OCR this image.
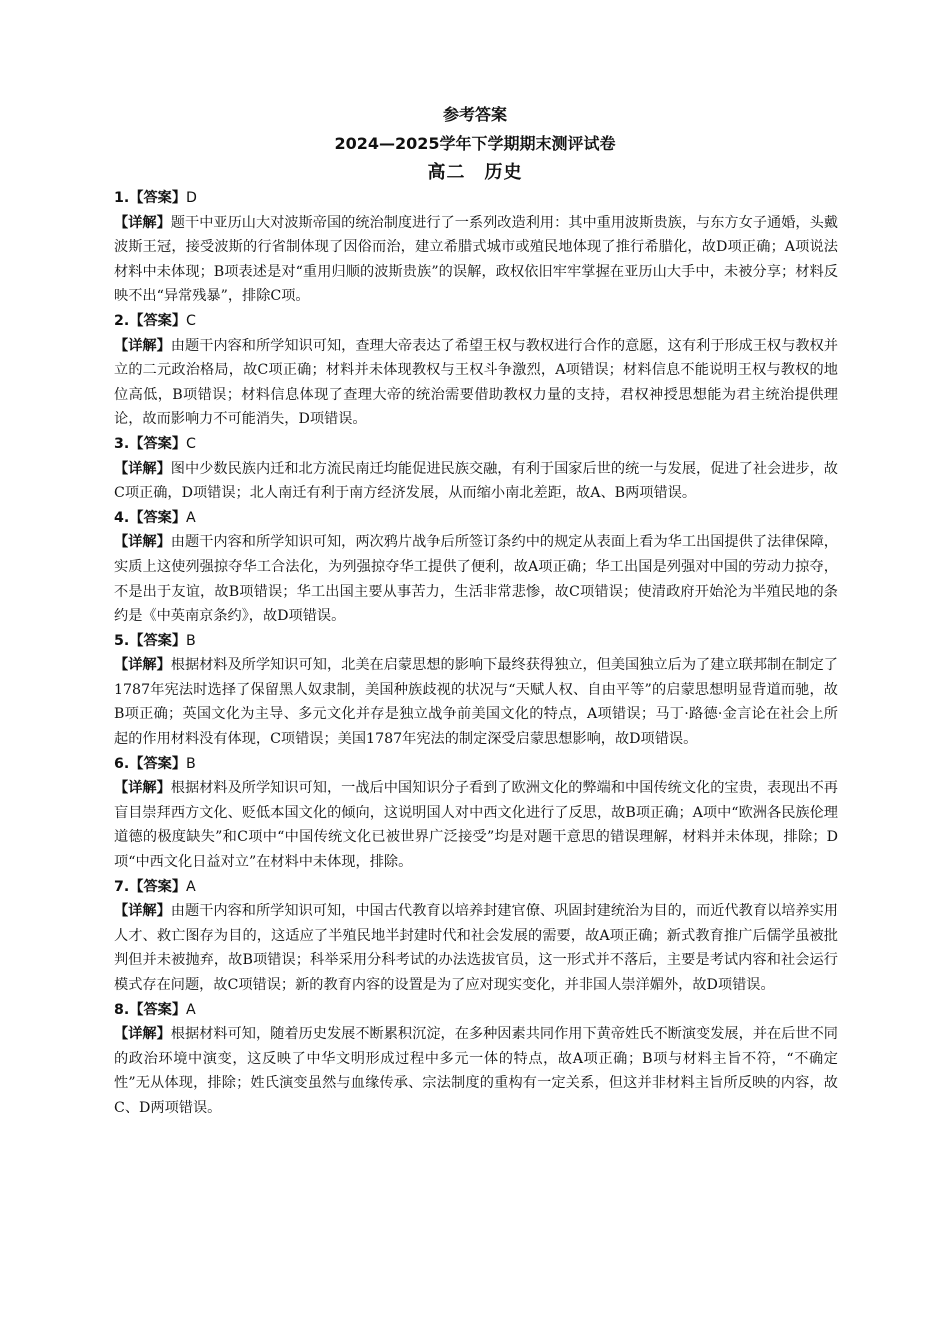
参考答案
2024—2025学年下学期期末测评试卷
高二　历史
1.【答案】D
【详解】题干中亚历山大对波斯帝国的统治制度进行了一系列改造利用：其中重用波斯贵族，与东方女子通婚，头戴波斯王冠，接受波斯的行省制体现了因俗而治，建立希腊式城市或殖民地体现了推行希腊化，故D项正确；A项说法材料中未体现；B项表述是对“重用归顺的波斯贵族”的误解，政权依旧牢牢掌握在亚历山大手中，未被分享；材料反映不出“异常残暴”，排除C项。
2.【答案】C
【详解】由题干内容和所学知识可知，查理大帝表达了希望王权与教权进行合作的意愿，这有利于形成王权与教权并立的二元政治格局，故C项正确；材料并未体现教权与王权斗争激烈，A项错误；材料信息不能说明王权与教权的地位高低，B项错误；材料信息体现了查理大帝的统治需要借助教权力量的支持，君权神授思想能为君主统治提供理论，故而影响力不可能消失，D项错误。
3.【答案】C
【详解】图中少数民族内迁和北方流民南迁均能促进民族交融，有利于国家后世的统一与发展，促进了社会进步，故C项正确，D项错误；北人南迁有利于南方经济发展，从而缩小南北差距，故A、B两项错误。
4.【答案】A
【详解】由题干内容和所学知识可知，两次鸦片战争后所签订条约中的规定从表面上看为华工出国提供了法律保障，实质上这使列强掠夺华工合法化，为列强掠夺华工提供了便利，故A项正确；华工出国是列强对中国的劳动力掠夺，不是出于友谊，故B项错误；华工出国主要从事苦力，生活非常悲惨，故C项错误；使清政府开始沦为半殖民地的条约是《中英南京条约》，故D项错误。
5.【答案】B
【详解】根据材料及所学知识可知，北美在启蒙思想的影响下最终获得独立，但美国独立后为了建立联邦制在制定了1787年宪法时选择了保留黑人奴隶制，美国种族歧视的状况与“天赋人权、自由平等”的启蒙思想明显背道而驰，故B项正确；英国文化为主导、多元文化并存是独立战争前美国文化的特点，A项错误；马丁·路德·金言论在社会上所起的作用材料没有体现，C项错误；美国1787年宪法的制定深受启蒙思想影响，故D项错误。
6.【答案】B
【详解】根据材料及所学知识可知，一战后中国知识分子看到了欧洲文化的弊端和中国传统文化的宝贵，表现出不再盲目崇拜西方文化、贬低本国文化的倾向，这说明国人对中西文化进行了反思，故B项正确；A项中“欧洲各民族伦理道德的极度缺失”和C项中“中国传统文化已被世界广泛接受”均是对题干意思的错误理解，材料并未体现，排除；D项“中西文化日益对立”在材料中未体现，排除。
7.【答案】A
【详解】由题干内容和所学知识可知，中国古代教育以培养封建官僚、巩固封建统治为目的，而近代教育以培养实用人才、救亡图存为目的，这适应了半殖民地半封建时代和社会发展的需要，故A项正确；新式教育推广后儒学虽被批判但并未被抛弃，故B项错误；科举采用分科考试的办法选拔官员，这一形式并不落后，主要是考试内容和社会运行模式存在问题，故C项错误；新的教育内容的设置是为了应对现实变化，并非国人崇洋媚外，故D项错误。
8.【答案】A
【详解】根据材料可知，随着历史发展不断累积沉淀，在多种因素共同作用下黄帝姓氏不断演变发展，并在后世不同的政治环境中演变，这反映了中华文明形成过程中多元一体的特点，故A项正确；B项与材料主旨不符，“不确定性”无从体现，排除；姓氏演变虽然与血缘传承、宗法制度的重构有一定关系，但这并非材料主旨所反映的内容，故C、D两项错误。
